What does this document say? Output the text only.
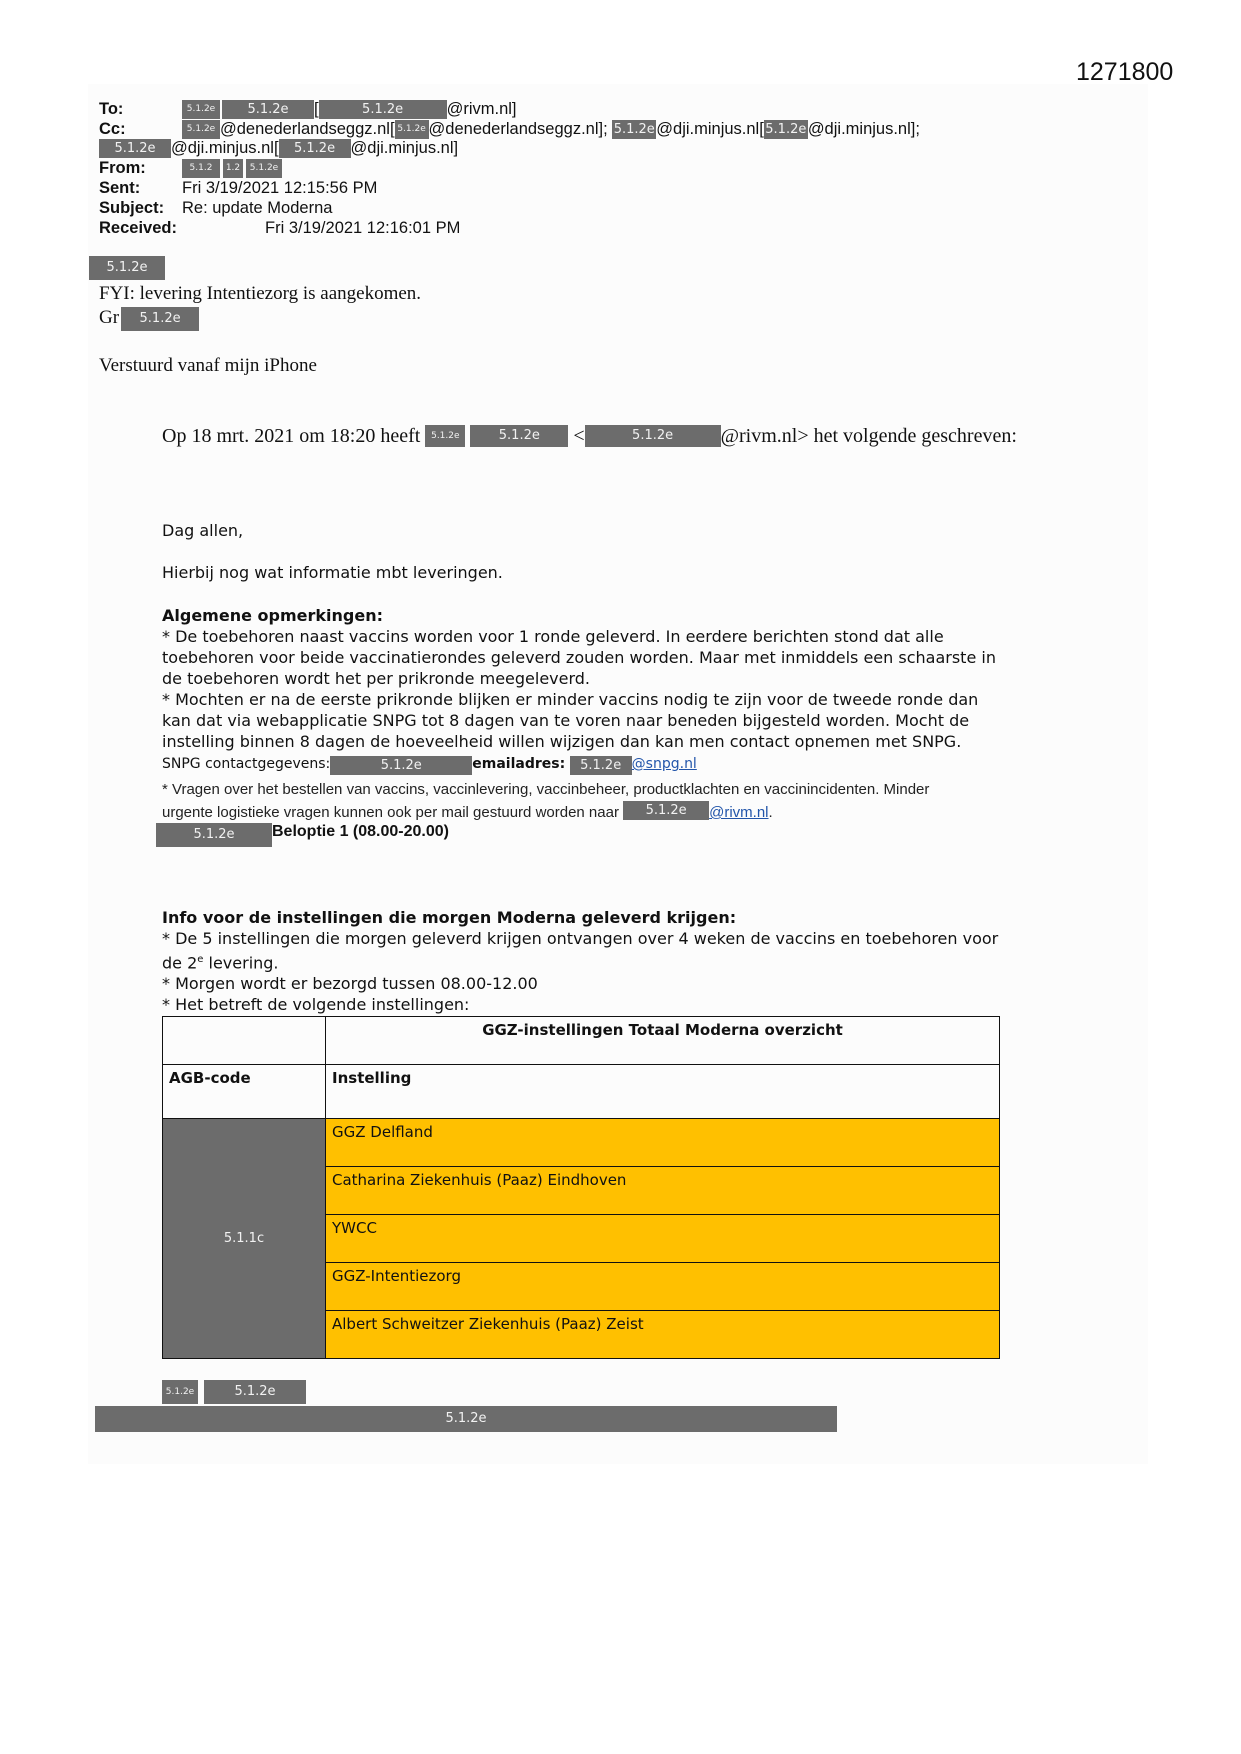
1271800
To:	5.1.2e 5.1.2e [	5.1.2e	@rivm.nl]
Cc:	5.1.2e @denederlandseggz.nl[ 5.1.2e @denederlandseggz.nl]; 5.1.2e@dji.minjus.nl[5.1.2e@dji.minjus.nl];
5.1.2e @dji.minjus.nl[ 5.1.2e @dji.minjus.nl]
From:	5.1.2 1.2 5.1.2e
Sent:	Fri 3/19/2021 12:15:56 PM
Subject: Re: update Moderna
Received:	Fri 3/19/2021 12:16:01 PM
5.1.2e
FYI: levering Intentiezorg is aangekomen.
Gr 5.1.2e
Verstuurd vanaf mijn iPhone
Op 18 mrt. 2021 om 18:20 heeft 5.1.2e	5.1.2e <	5.1.2e @rivm.nl> het volgende geschreven:
Dag allen,
Hierbij nog wat informatie mbt leveringen.
Algemene opmerkingen:
* De toebehoren naast vaccins worden voor 1 ronde geleverd. In eerdere berichten stond dat alle
toebehoren voor beide vaccinatierondes geleverd zouden worden. Maar met inmiddels een schaarste in
de toebehoren wordt het per prikronde meegeleverd.
* Mochten er na de eerste prikronde blijken er minder vaccins nodig te zijn voor de tweede ronde dan
kan dat via webapplicatie SNPG tot 8 dagen van te voren naar beneden bijgesteld worden. Mocht de
instelling binnen 8 dagen de hoeveelheid willen wijzigen dan kan men contact opnemen met SNPG.
SNPG contactgegevens:	5.1.2e	emailadres: 5.1.2e @snpg.nl
* Vragen over het bestellen van vaccins, vaccinlevering, vaccinbeheer, productklachten en vaccinincidenten. Minder
urgente logistieke vragen kunnen ook per mail gestuurd worden naar 5.1.2e @rivm.nl.
5.1.2e Beloptie 1 (08.00-20.00)
Info voor de instellingen die morgen Moderna geleverd krijgen:
* De 5 instellingen die morgen geleverd krijgen ontvangen over 4 weken de vaccins en toebehoren voor
de 2e levering.
* Morgen wordt er bezorgd tussen 08.00-12.00
* Het betreft de volgende instellingen:
	GGZ-instellingen Totaal Moderna overzicht
AGB-code	Instelling
5.1.1c	GGZ Delfland
	Catharina Ziekenhuis (Paaz) Eindhoven
	YWCC
	GGZ-Intentiezorg
	Albert Schweitzer Ziekenhuis (Paaz) Zeist
5.1.2e	5.1.2e
5.1.2e
